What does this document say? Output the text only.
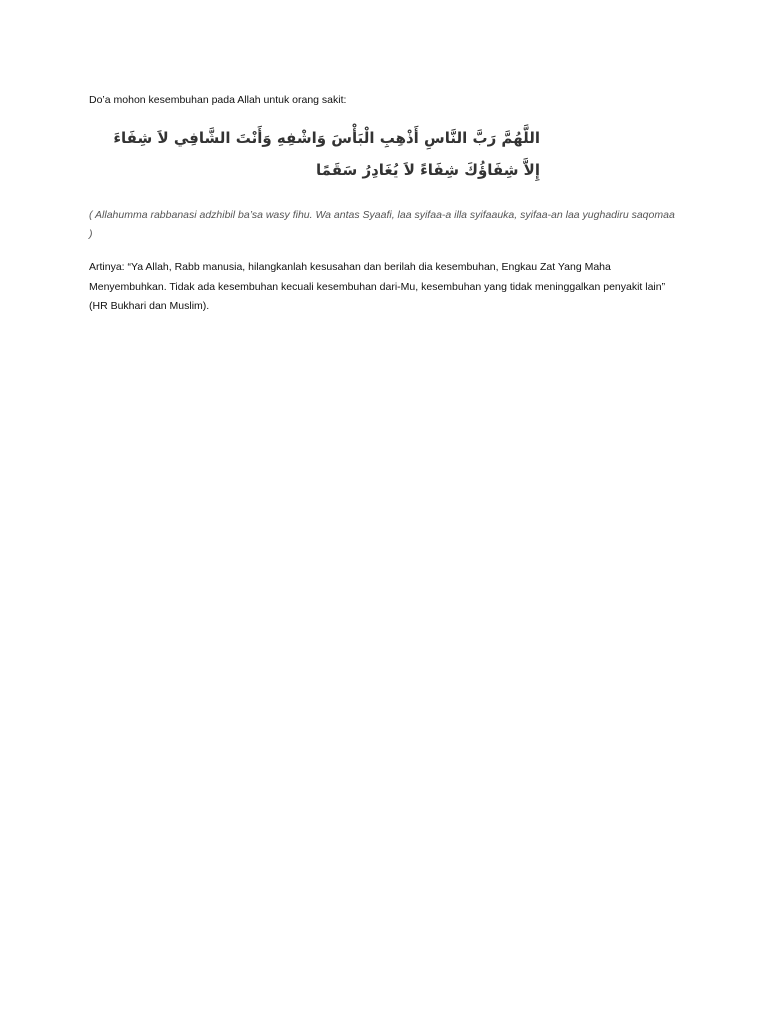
Do’a mohon kesembuhan pada Allah untuk orang sakit:
اللَّهُمَّ رَبَّ النَّاسِ أَذْهِبِ الْبَأْسَ وَاشْفِهِ وَأَنْتَ الشَّافِي لاَ شِفَاءَ إِلاَّ شِفَاؤُكَ شِفَاءً لاَ يُغَادِرُ سَقَمًا
( Allahumma rabbanasi adzhibil ba’sa wasy fihu. Wa antas Syaafi, laa syifaa-a illa syifaauka, syifaa-an laa yughadiru saqomaa )
Artinya: “Ya Allah, Rabb manusia, hilangkanlah kesusahan dan berilah dia kesembuhan, Engkau Zat Yang Maha Menyembuhkan. Tidak ada kesembuhan kecuali kesembuhan dari-Mu, kesembuhan yang tidak meninggalkan penyakit lain” (HR Bukhari dan Muslim).
